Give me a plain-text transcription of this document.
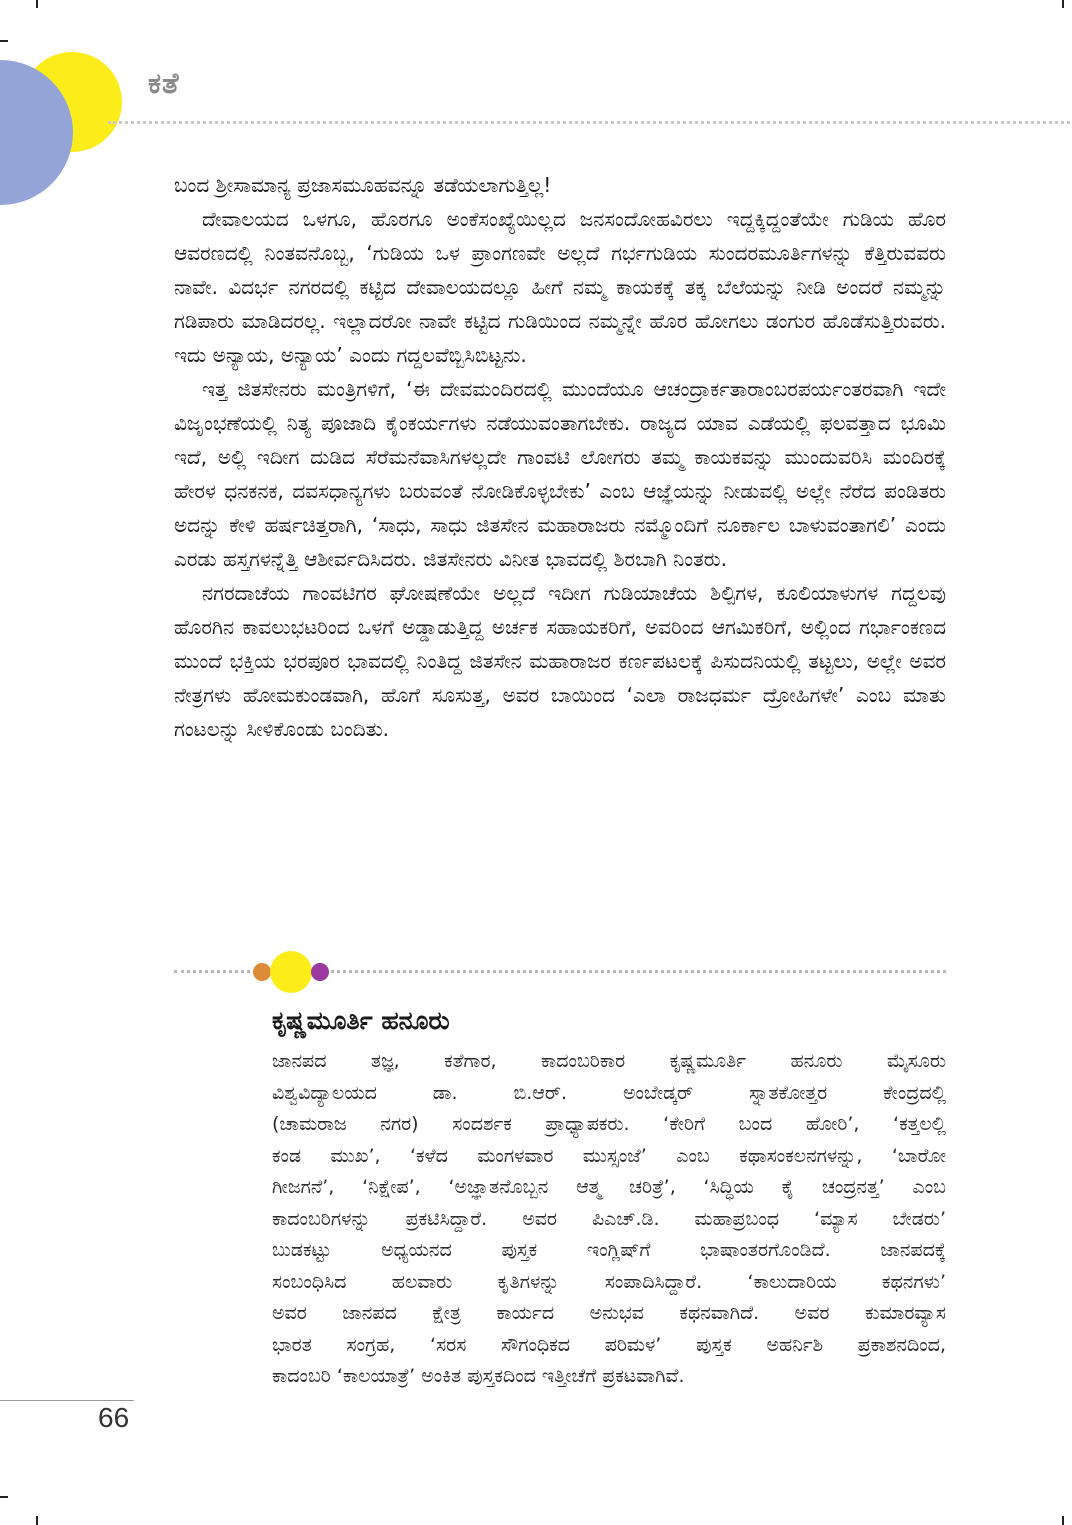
ಕತೆ

ಬಂದ ಶ್ರೀಸಾಮಾನ್ಯ ಪ್ರಜಾಸಮೂಹವನ್ನೂ ತಡೆಯಲಾಗುತ್ತಿಲ್ಲ!

ದೇವಾಲಯದ ಒಳಗೂ, ಹೊರಗೂ ಅಂಕೆಸಂಖ್ಯೆಯಿಲ್ಲದ ಜನಸಂದೋಹವಿರಲು ಇದ್ದಕ್ಕಿದ್ದಂತೆಯೇ ಗುಡಿಯ ಹೊರ ಆವರಣದಲ್ಲಿ ನಿಂತವನೊಬ್ಬ, ‘ಗುಡಿಯ ಒಳ ಪ್ರಾಂಗಣವೇ ಅಲ್ಲದೆ ಗರ್ಭಗುಡಿಯ ಸುಂದರಮೂರ್ತಿಗಳನ್ನು ಕೆತ್ತಿರುವವರು ನಾವೇ. ವಿದರ್ಭ ನಗರದಲ್ಲಿ ಕಟ್ಟಿದ ದೇವಾಲಯದಲ್ಲೂ ಹೀಗೆ ನಮ್ಮ ಕಾಯಕಕ್ಕೆ ತಕ್ಕ ಬೆಲೆಯನ್ನು ನೀಡಿ ಅಂದರೆ ನಮ್ಮನ್ನು ಗಡಿಪಾರು ಮಾಡಿದರಲ್ಲ. ಇಲ್ಲಾದರೋ ನಾವೇ ಕಟ್ಟಿದ ಗುಡಿಯಿಂದ ನಮ್ಮನ್ನೇ ಹೊರ ಹೋಗಲು ಡಂಗುರ ಹೊಡೆಸುತ್ತಿರುವರು. ಇದು ಅನ್ಯಾಯ, ಅನ್ಯಾಯ’ ಎಂದು ಗದ್ದಲವೆಬ್ಬಿಸಿಬಿಟ್ಟನು.

ಇತ್ತ ಜಿತಸೇನರು ಮಂತ್ರಿಗಳಿಗೆ, ‘ಈ ದೇವಮಂದಿರದಲ್ಲಿ ಮುಂದೆಯೂ ಆಚಂದ್ರಾರ್ಕತಾರಾಂಬರಪರ್ಯಂತರವಾಗಿ ಇದೇ ವಿಜೃಂಭಣೆಯಲ್ಲಿ ನಿತ್ಯ ಪೂಜಾದಿ ಕೈಂಕರ್ಯಗಳು ನಡೆಯುವಂತಾಗಬೇಕು. ರಾಜ್ಯದ ಯಾವ ಎಡೆಯಲ್ಲಿ ಫಲವತ್ತಾದ ಭೂಮಿ ಇದೆ, ಅಲ್ಲಿ ಇದೀಗ ದುಡಿದ ಸೆರೆಮನೆವಾಸಿಗಳಲ್ಲದೇ ಗಾಂವಟಿ ಲೋಗರು ತಮ್ಮ ಕಾಯಕವನ್ನು ಮುಂದುವರಿಸಿ ಮಂದಿರಕ್ಕೆ ಹೇರಳ ಧನಕನಕ, ದವಸಧಾನ್ಯಗಳು ಬರುವಂತೆ ನೋಡಿಕೊಳ್ಳಬೇಕು’ ಎಂಬ ಆಜ್ಞೆಯನ್ನು ನೀಡುವಲ್ಲಿ ಅಲ್ಲೇ ನೆರೆದ ಪಂಡಿತರು ಅದನ್ನು ಕೇಳಿ ಹರ್ಷಚಿತ್ತರಾಗಿ, ‘ಸಾಧು, ಸಾಧು ಜಿತಸೇನ ಮಹಾರಾಜರು ನಮ್ಮೊಂದಿಗೆ ನೂರ್ಕಾಲ ಬಾಳುವಂತಾಗಲಿ’ ಎಂದು ಎರಡು ಹಸ್ತಗಳನ್ನೆತ್ತಿ ಆಶೀರ್ವದಿಸಿದರು. ಜಿತಸೇನರು ವಿನೀತ ಭಾವದಲ್ಲಿ ಶಿರಬಾಗಿ ನಿಂತರು.

ನಗರದಾಚೆಯ ಗಾಂವಟಿಗರ ಘೋಷಣೆಯೇ ಅಲ್ಲದೆ ಇದೀಗ ಗುಡಿಯಾಚೆಯ ಶಿಲ್ಪಿಗಳ, ಕೂಲಿಯಾಳುಗಳ ಗದ್ದಲವು ಹೊರಗಿನ ಕಾವಲುಭಟರಿಂದ ಒಳಗೆ ಅಡ್ಡಾಡುತ್ತಿದ್ದ ಅರ್ಚಕ ಸಹಾಯಕರಿಗೆ, ಅವರಿಂದ ಆಗಮಿಕರಿಗೆ, ಅಲ್ಲಿಂದ ಗರ್ಭಾಂಕಣದ ಮುಂದೆ ಭಕ್ತಿಯ ಭರಪೂರ ಭಾವದಲ್ಲಿ ನಿಂತಿದ್ದ ಜಿತಸೇನ ಮಹಾರಾಜರ ಕರ್ಣಪಟಲಕ್ಕೆ ಪಿಸುದನಿಯಲ್ಲಿ ತಟ್ಟಲು, ಅಲ್ಲೇ ಅವರ ನೇತ್ರಗಳು ಹೋಮಕುಂಡವಾಗಿ, ಹೊಗೆ ಸೂಸುತ್ತ, ಅವರ ಬಾಯಿಂದ ‘ಎಲಾ ರಾಜಧರ್ಮ ದ್ರೋಹಿಗಳೇ’ ಎಂಬ ಮಾತು ಗಂಟಲನ್ನು ಸೀಳಿಕೊಂಡು ಬಂದಿತು.

ಕೃಷ್ಣಮೂರ್ತಿ ಹನೂರು
ಜಾನಪದ ತಜ್ಞ, ಕತೆಗಾರ, ಕಾದಂಬರಿಕಾರ ಕೃಷ್ಣಮೂರ್ತಿ ಹನೂರು ಮೈಸೂರು
ವಿಶ್ವವಿದ್ಯಾಲಯದ ಡಾ. ಬಿ.ಆರ್. ಅಂಬೇಡ್ಕರ್ ಸ್ನಾತಕೋತ್ತರ ಕೇಂದ್ರದಲ್ಲಿ
(ಚಾಮರಾಜ ನಗರ) ಸಂದರ್ಶಕ ಪ್ರಾಧ್ಯಾಪಕರು. ‘ಕೇರಿಗೆ ಬಂದ ಹೋರಿ’, ‘ಕತ್ತಲಲ್ಲಿ
ಕಂಡ ಮುಖ’, ‘ಕಳೆದ ಮಂಗಳವಾರ ಮುಸ್ಸಂಜೆ’ ಎಂಬ ಕಥಾಸಂಕಲನಗಳನ್ನು, ‘ಬಾರೋ
ಗೀಜಗನೆ’, ‘ನಿಕ್ಷೇಪ’, ‘ಅಜ್ಞಾತನೊಬ್ಬನ ಆತ್ಮ ಚರಿತ್ರೆ’, ‘ಸಿದ್ಧಿಯ ಕೈ ಚಂದ್ರನತ್ತ’ ಎಂಬ
ಕಾದಂಬರಿಗಳನ್ನು ಪ್ರಕಟಿಸಿದ್ದಾರೆ. ಅವರ ಪಿಎಚ್.ಡಿ. ಮಹಾಪ್ರಬಂಧ ‘ಮ್ಯಾಸ ಬೇಡರು’
ಬುಡಕಟ್ಟು ಅಧ್ಯಯನದ ಪುಸ್ತಕ ಇಂಗ್ಲಿಷ್‌ಗೆ ಭಾಷಾಂತರಗೊಂಡಿದೆ. ಜಾನಪದಕ್ಕೆ
ಸಂಬಂಧಿಸಿದ ಹಲವಾರು ಕೃತಿಗಳನ್ನು ಸಂಪಾದಿಸಿದ್ದಾರೆ. ‘ಕಾಲುದಾರಿಯ ಕಥನಗಳು’
ಅವರ ಜಾನಪದ ಕ್ಷೇತ್ರ ಕಾರ್ಯದ ಅನುಭವ ಕಥನವಾಗಿದೆ. ಅವರ ಕುಮಾರವ್ಯಾಸ
ಭಾರತ ಸಂಗ್ರಹ, ‘ಸರಸ ಸೌಗಂಧಿಕದ ಪರಿಮಳ’ ಪುಸ್ತಕ ಅಹರ್ನಿಶಿ ಪ್ರಕಾಶನದಿಂದ,
ಕಾದಂಬರಿ ‘ಕಾಲಯಾತ್ರೆ’ ಅಂಕಿತ ಪುಸ್ತಕದಿಂದ ಇತ್ತೀಚೆಗೆ ಪ್ರಕಟವಾಗಿವೆ.

66
